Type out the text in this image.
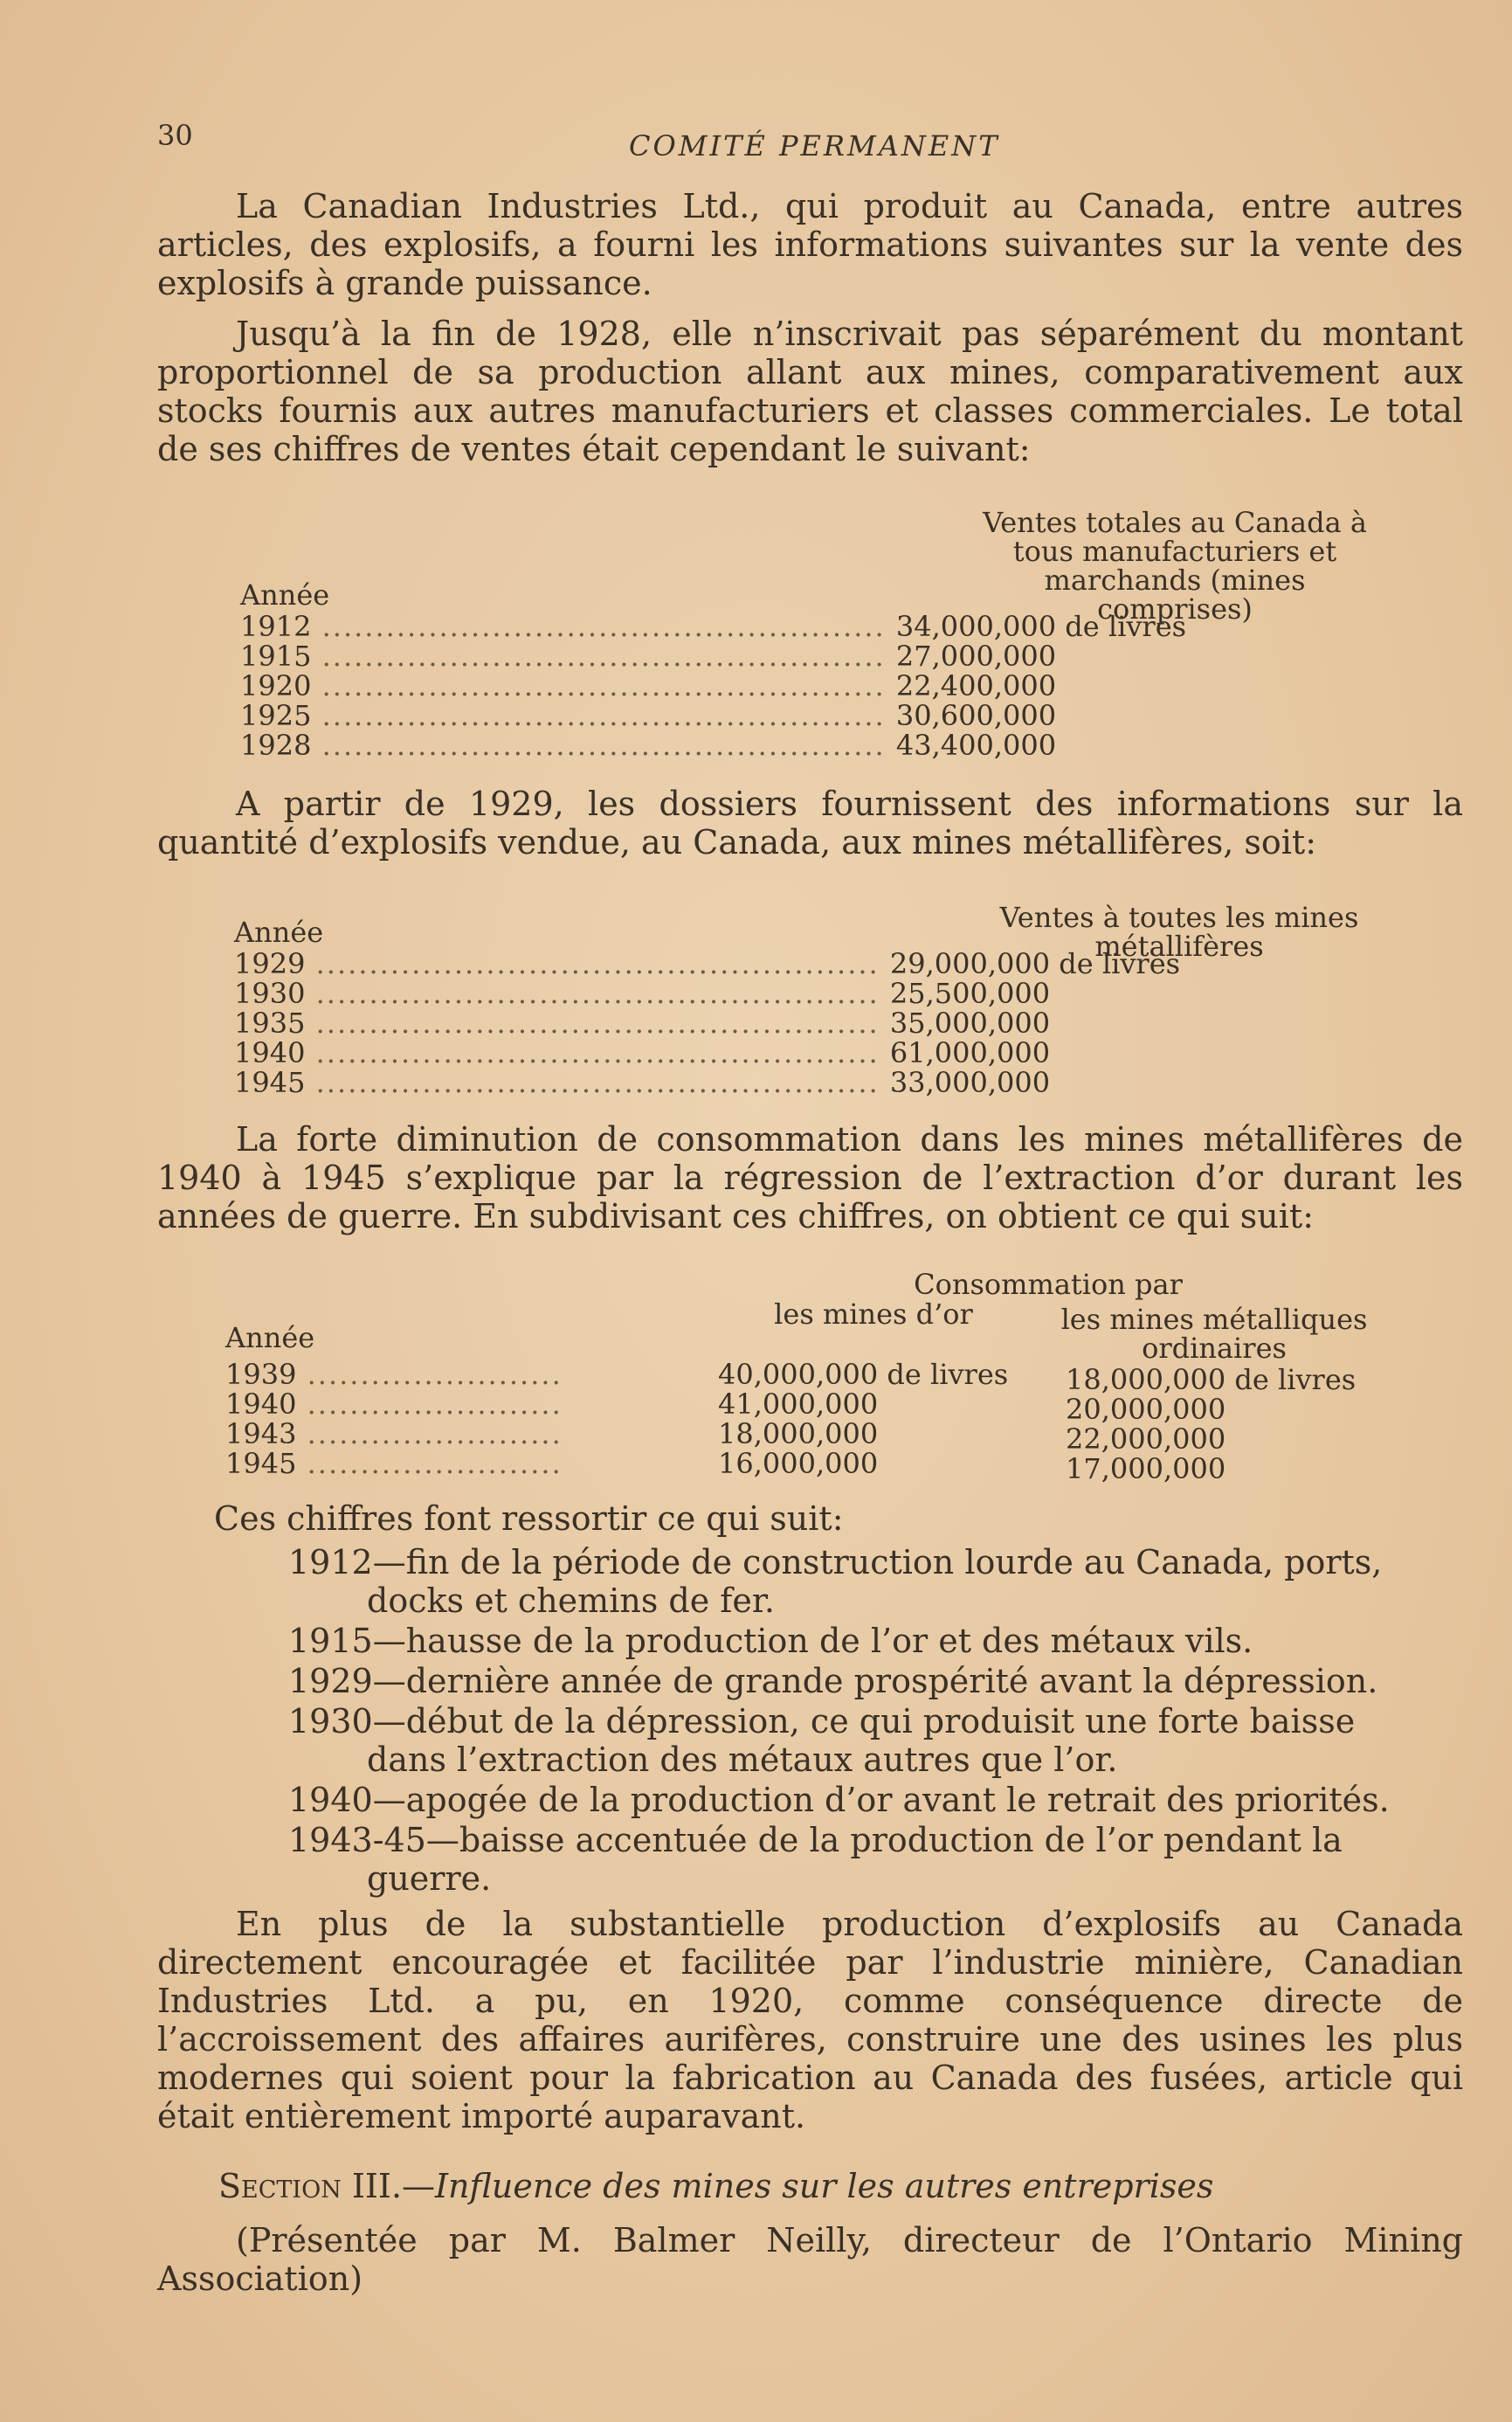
30	COMITÉ PERMANENT
La Canadian Industries Ltd., qui produit au Canada, entre autres articles, des explosifs, a fourni les informations suivantes sur la vente des explosifs à grande puissance.
Jusqu’à la fin de 1928, elle n’inscrivait pas séparément du montant proportionnel de sa production allant aux mines, comparativement aux stocks fournis aux autres manufacturiers et classes commerciales. Le total de ses chiffres de ventes était cependant le suivant:
Ventes totales au Canada à tous manufacturiers et marchands (mines comprises)
Année
1912 ..................................................... 34,000,000 de livres
1915 ..................................................... 27,000,000
1920 ..................................................... 22,400,000
1925 ..................................................... 30,600,000
1928 ..................................................... 43,400,000
A partir de 1929, les dossiers fournissent des informations sur la quantité d’explosifs vendue, au Canada, aux mines métallifères, soit:
Ventes à toutes les mines métallifères
Année
1929 ..................................................... 29,000,000 de livres
1930 ..................................................... 25,500,000
1935 ..................................................... 35,000,000
1940 ..................................................... 61,000,000
1945 ..................................................... 33,000,000
La forte diminution de consommation dans les mines métallifères de 1940 à 1945 s’explique par la régression de l’extraction d’or durant les années de guerre. En subdivisant ces chiffres, on obtient ce qui suit:
Consommation par
les mines d’or	les mines métalliques ordinaires
Année
1939 ........................	40,000,000 de livres 18,000,000 de livres
1940 ........................	41,000,000	20,000,000
1943 ........................	18,000,000	22,000,000
1945 ........................	16,000,000	17,000,000
Ces chiffres font ressortir ce qui suit:
1912—fin de la période de construction lourde au Canada, ports, docks et chemins de fer.
1915—hausse de la production de l’or et des métaux vils.
1929—dernière année de grande prospérité avant la dépression.
1930—début de la dépression, ce qui produisit une forte baisse dans l’extraction des métaux autres que l’or.
1940—apogée de la production d’or avant le retrait des priorités.
1943-45—baisse accentuée de la production de l’or pendant la guerre.
En plus de la substantielle production d’explosifs au Canada directement encouragée et facilitée par l’industrie minière, Canadian Industries Ltd. a pu, en 1920, comme conséquence directe de l’accroissement des affaires aurifères, construire une des usines les plus modernes qui soient pour la fabrication au Canada des fusées, article qui était entièrement importé auparavant.
Section III.—Influence des mines sur les autres entreprises
(Présentée par M. Balmer Neilly, directeur de l’Ontario Mining Association)
